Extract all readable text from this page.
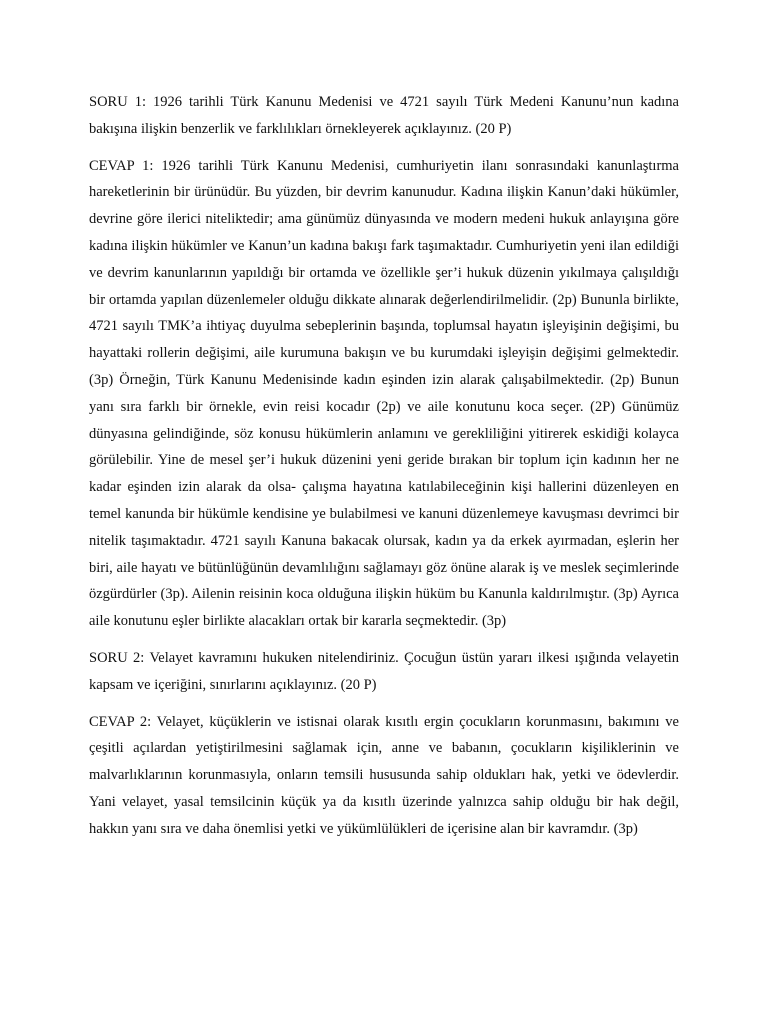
SORU 1: 1926 tarihli Türk Kanunu Medenisi ve 4721 sayılı Türk Medeni Kanunu’nun kadına bakışına ilişkin benzerlik ve farklılıkları örnekleyerek açıklayınız. (20 P)

CEVAP 1: 1926 tarihli Türk Kanunu Medenisi, cumhuriyetin ilanı sonrasındaki kanunlaştırma hareketlerinin bir ürünüdür. Bu yüzden, bir devrim kanunudur. Kadına ilişkin Kanun’daki hükümler, devrine göre ilerici niteliktedir; ama günümüz dünyasında ve modern medeni hukuk anlayışına göre kadına ilişkin hükümler ve Kanun’un kadına bakışı fark taşımaktadır. Cumhuriyetin yeni ilan edildiği ve devrim kanunlarının yapıldığı bir ortamda ve özellikle şer’i hukuk düzenin yıkılmaya çalışıldığı bir ortamda yapılan düzenlemeler olduğu dikkate alınarak değerlendirilmelidir. (2p) Bununla birlikte, 4721 sayılı TMK’a ihtiyaç duyulma sebeplerinin başında, toplumsal hayatın işleyişinin değişimi, bu hayattaki rollerin değişimi, aile kurumuna bakışın ve bu kurumdaki işleyişin değişimi gelmektedir. (3p) Örneğin, Türk Kanunu Medenisinde kadın eşinden izin alarak çalışabilmektedir. (2p) Bunun yanı sıra farklı bir örnekle, evin reisi kocadır (2p) ve aile konutunu koca seçer. (2P) Günümüz dünyasına gelindiğinde, söz konusu hükümlerin anlamını ve gerekliliğini yitirerek eskidiği kolayca görülebilir. Yine de mesel şer’i hukuk düzenini yeni geride bırakan bir toplum için kadının her ne kadar eşinden izin alarak da olsa- çalışma hayatına katılabileceğinin kişi hallerini düzenleyen en temel kanunda bir hükümle kendisine ye bulabilmesi ve kanuni düzenlemeye kavuşması devrimci bir nitelik taşımaktadır. 4721 sayılı Kanuna bakacak olursak, kadın ya da erkek ayırmadan, eşlerin her biri, aile hayatı ve bütünlüğünün devamlılığını sağlamayı göz önüne alarak iş ve meslek seçimlerinde özgürdürler (3p). Ailenin reisinin koca olduğuna ilişkin hüküm bu Kanunla kaldırılmıştır. (3p) Ayrıca aile konutunu eşler birlikte alacakları ortak bir kararla seçmektedir. (3p)

SORU 2: Velayet kavramını hukuken nitelendiriniz. Çocuğun üstün yararı ilkesi ışığında velayetin kapsam ve içeriğini, sınırlarını açıklayınız. (20 P)

CEVAP 2: Velayet, küçüklerin ve istisnai olarak kısıtlı ergin çocukların korunmasını, bakımını ve çeşitli açılardan yetiştirilmesini sağlamak için, anne ve babanın, çocukların kişiliklerinin ve malvarlıklarının korunmasıyla, onların temsili hususunda sahip oldukları hak, yetki ve ödevlerdir. Yani velayet, yasal temsilcinin küçük ya da kısıtlı üzerinde yalnızca sahip olduğu bir hak değil, hakkın yanı sıra ve daha önemlisi yetki ve yükümlülükleri de içerisine alan bir kavramdır. (3p)
